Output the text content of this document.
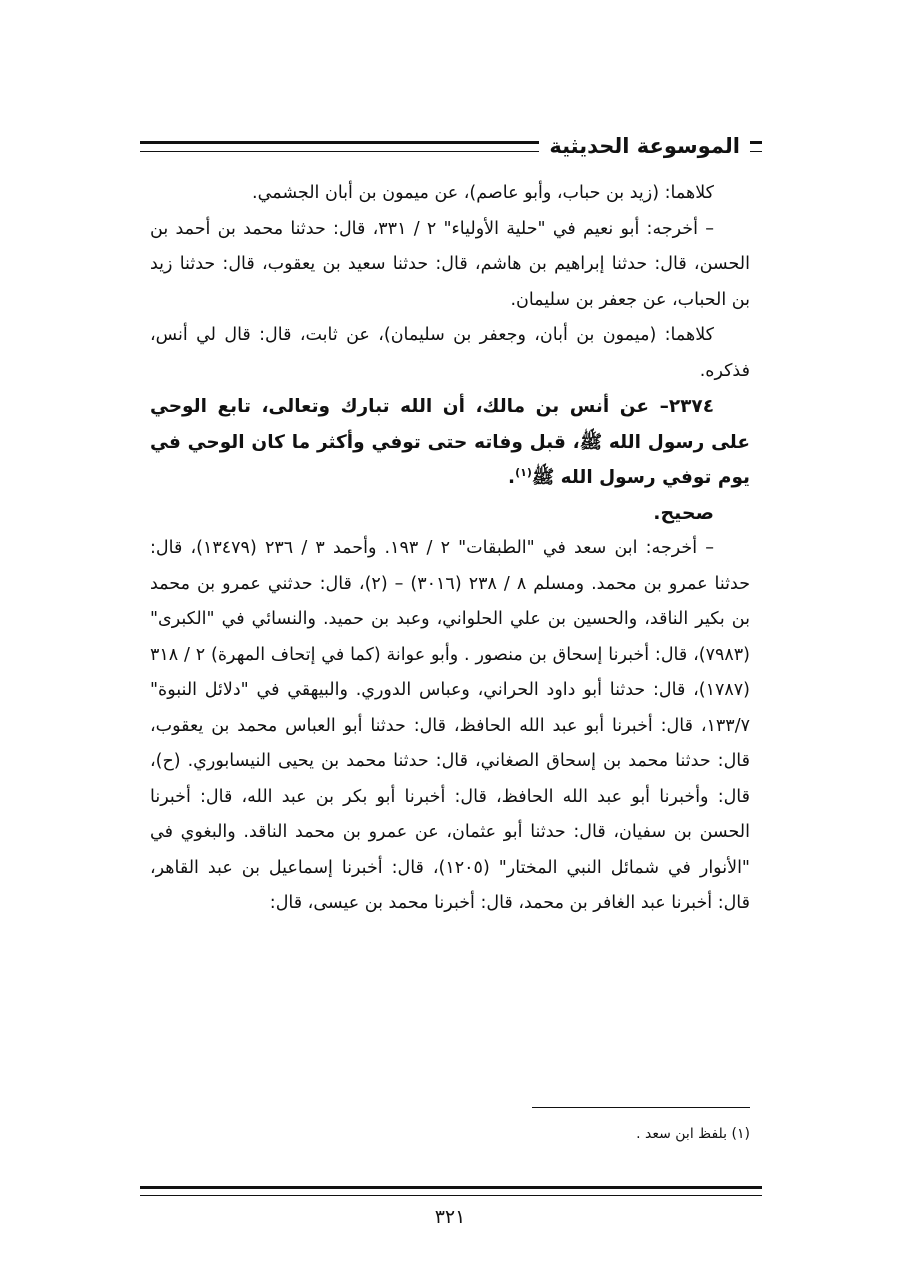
الموسوعة الحديثية

كلاهما: (زيد بن حباب، وأبو عاصم)، عن ميمون بن أبان الجشمي.

– أخرجه: أبو نعيم في "حلية الأولياء" ٢ / ٣٣١، قال: حدثنا محمد بن أحمد بن الحسن، قال: حدثنا إبراهيم بن هاشم، قال: حدثنا سعيد بن يعقوب، قال: حدثنا زيد بن الحباب، عن جعفر بن سليمان.

كلاهما: (ميمون بن أبان، وجعفر بن سليمان)، عن ثابت، قال: قال لي أنس، فذكره.

٢٣٧٤– عن أنس بن مالك، أن الله تبارك وتعالى، تابع الوحي على رسول الله ﷺ، قبل وفاته حتى توفي وأكثر ما كان الوحي في يوم توفي رسول الله ﷺ$^{(١)}$.

صحيح.

– أخرجه: ابن سعد في "الطبقات" ٢ / ١٩٣. وأحمد ٣ / ٢٣٦ (١٣٤٧٩)، قال: حدثنا عمرو بن محمد. ومسلم ٨ / ٢٣٨ (٣٠١٦) – (٢)، قال: حدثني عمرو بن محمد بن بكير الناقد، والحسين بن علي الحلواني، وعبد بن حميد. والنسائي في "الكبرى" (٧٩٨٣)، قال: أخبرنا إسحاق بن منصور . وأبو عوانة (كما في إتحاف المهرة) ٢ / ٣١٨ (١٧٨٧)، قال: حدثنا أبو داود الحراني، وعباس الدوري. والبيهقي في "دلائل النبوة" ١٣٣/٧، قال: أخبرنا أبو عبد الله الحافظ، قال: حدثنا أبو العباس محمد بن يعقوب، قال: حدثنا محمد بن إسحاق الصغاني، قال: حدثنا محمد بن يحيى النيسابوري. (ح)، قال: وأخبرنا أبو عبد الله الحافظ، قال: أخبرنا أبو بكر بن عبد الله، قال: أخبرنا الحسن بن سفيان، قال: حدثنا أبو عثمان، عن عمرو بن محمد الناقد. والبغوي في "الأنوار في شمائل النبي المختار" (١٢٠٥)، قال: أخبرنا إسماعيل بن عبد القاهر، قال: أخبرنا عبد الغافر بن محمد، قال: أخبرنا محمد بن عيسى، قال:

(١) بلفظ ابن سعد .
٣٢١
